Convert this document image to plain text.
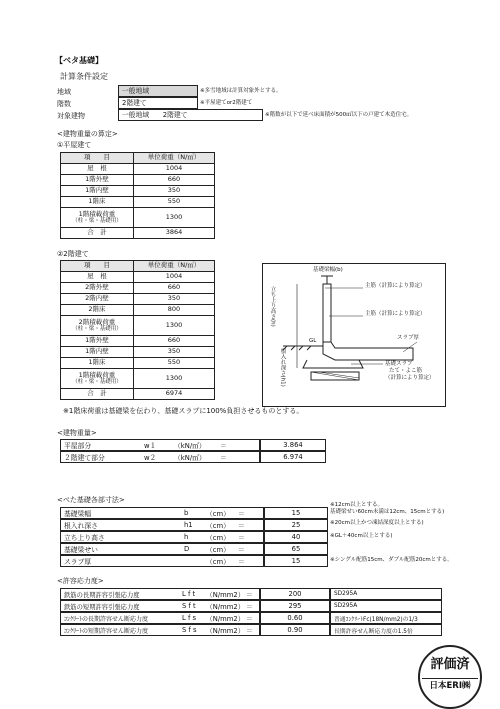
【ベタ基礎】
計算条件設定
地域	一般地域	※多雪地域は計算対象外とする。
階数	2階建て	※平屋建てor2階建て
対象建物	一般地域　　2階建て	※階数が以下で延べ床面積が500㎡以下の戸建て木造住宅。
<建物重量の算定>
①平屋建て
項　　目	単位荷重（N/㎡）
屋　根	1004
1階外壁	660
1階内壁	350
1階床	550

1階積載荷重
（柱・梁・基礎用）	1300
合　計	3864
②2階建て
項　　目	単位荷重（N/㎡）
屋　根	1004
2階外壁	660
2階内壁	350
2階床	800

2階積載荷重
（柱・梁・基礎用）	1300
1階外壁	660
1階内壁	350
1階床	550

1階積載荷重
（柱・梁・基礎用）	1300
合　計	6974
※1階床荷重は基礎梁を伝わり、基礎スラブに100%負担させるものとする。
基礎梁幅(b)
主筋（計算により算定）
主筋（計算により算定）
スラブ厚
GL
基礎スラブ
たて・よこ筋
（計算により算定）
立ち上り高さ(h)
根入れ深さ(h1)
<建物重量>
平屋部分	w１	（kN/㎡）	＝	3.864
２階建て部分	w２	（kN/㎡）	＝	6.974
<べた基礎各部寸法>
基礎梁幅	b	（cm）	＝	15
※12cm以上とする。
基礎梁せい60cm未満は12cm、15cmとする)
根入れ深さ	h1	（cm）	＝	25	※20cm以上かつ凍結深度以上とする)
立ち上り高さ	h	（cm）	＝	40	※GL＋40cm以上とする)
基礎梁せい	D	（cm）	＝	65
スラブ厚	（cm）	＝	15	※シングル配筋15cm、ダブル配筋20cmとする。
<許容応力度>
鉄筋の長期許容引張応力度	L f t	（N/mm2） ＝	200	SD295A
鉄筋の短期許容引張応力度	S f t	（N/mm2） ＝	295	SD295A
ｺﾝｸﾘｰﾄの長期許容せん断応力度	L f s	（N/mm2） ＝	0.60	普通ｺﾝｸﾘｰﾄFc(18N/mm2)の1/3
ｺﾝｸﾘｰﾄの短期許容せん断応力度	S f s	（N/mm2） ＝	0.90	長期許容せん断応力度の1.5倍
評価済
日本ERI㈱
